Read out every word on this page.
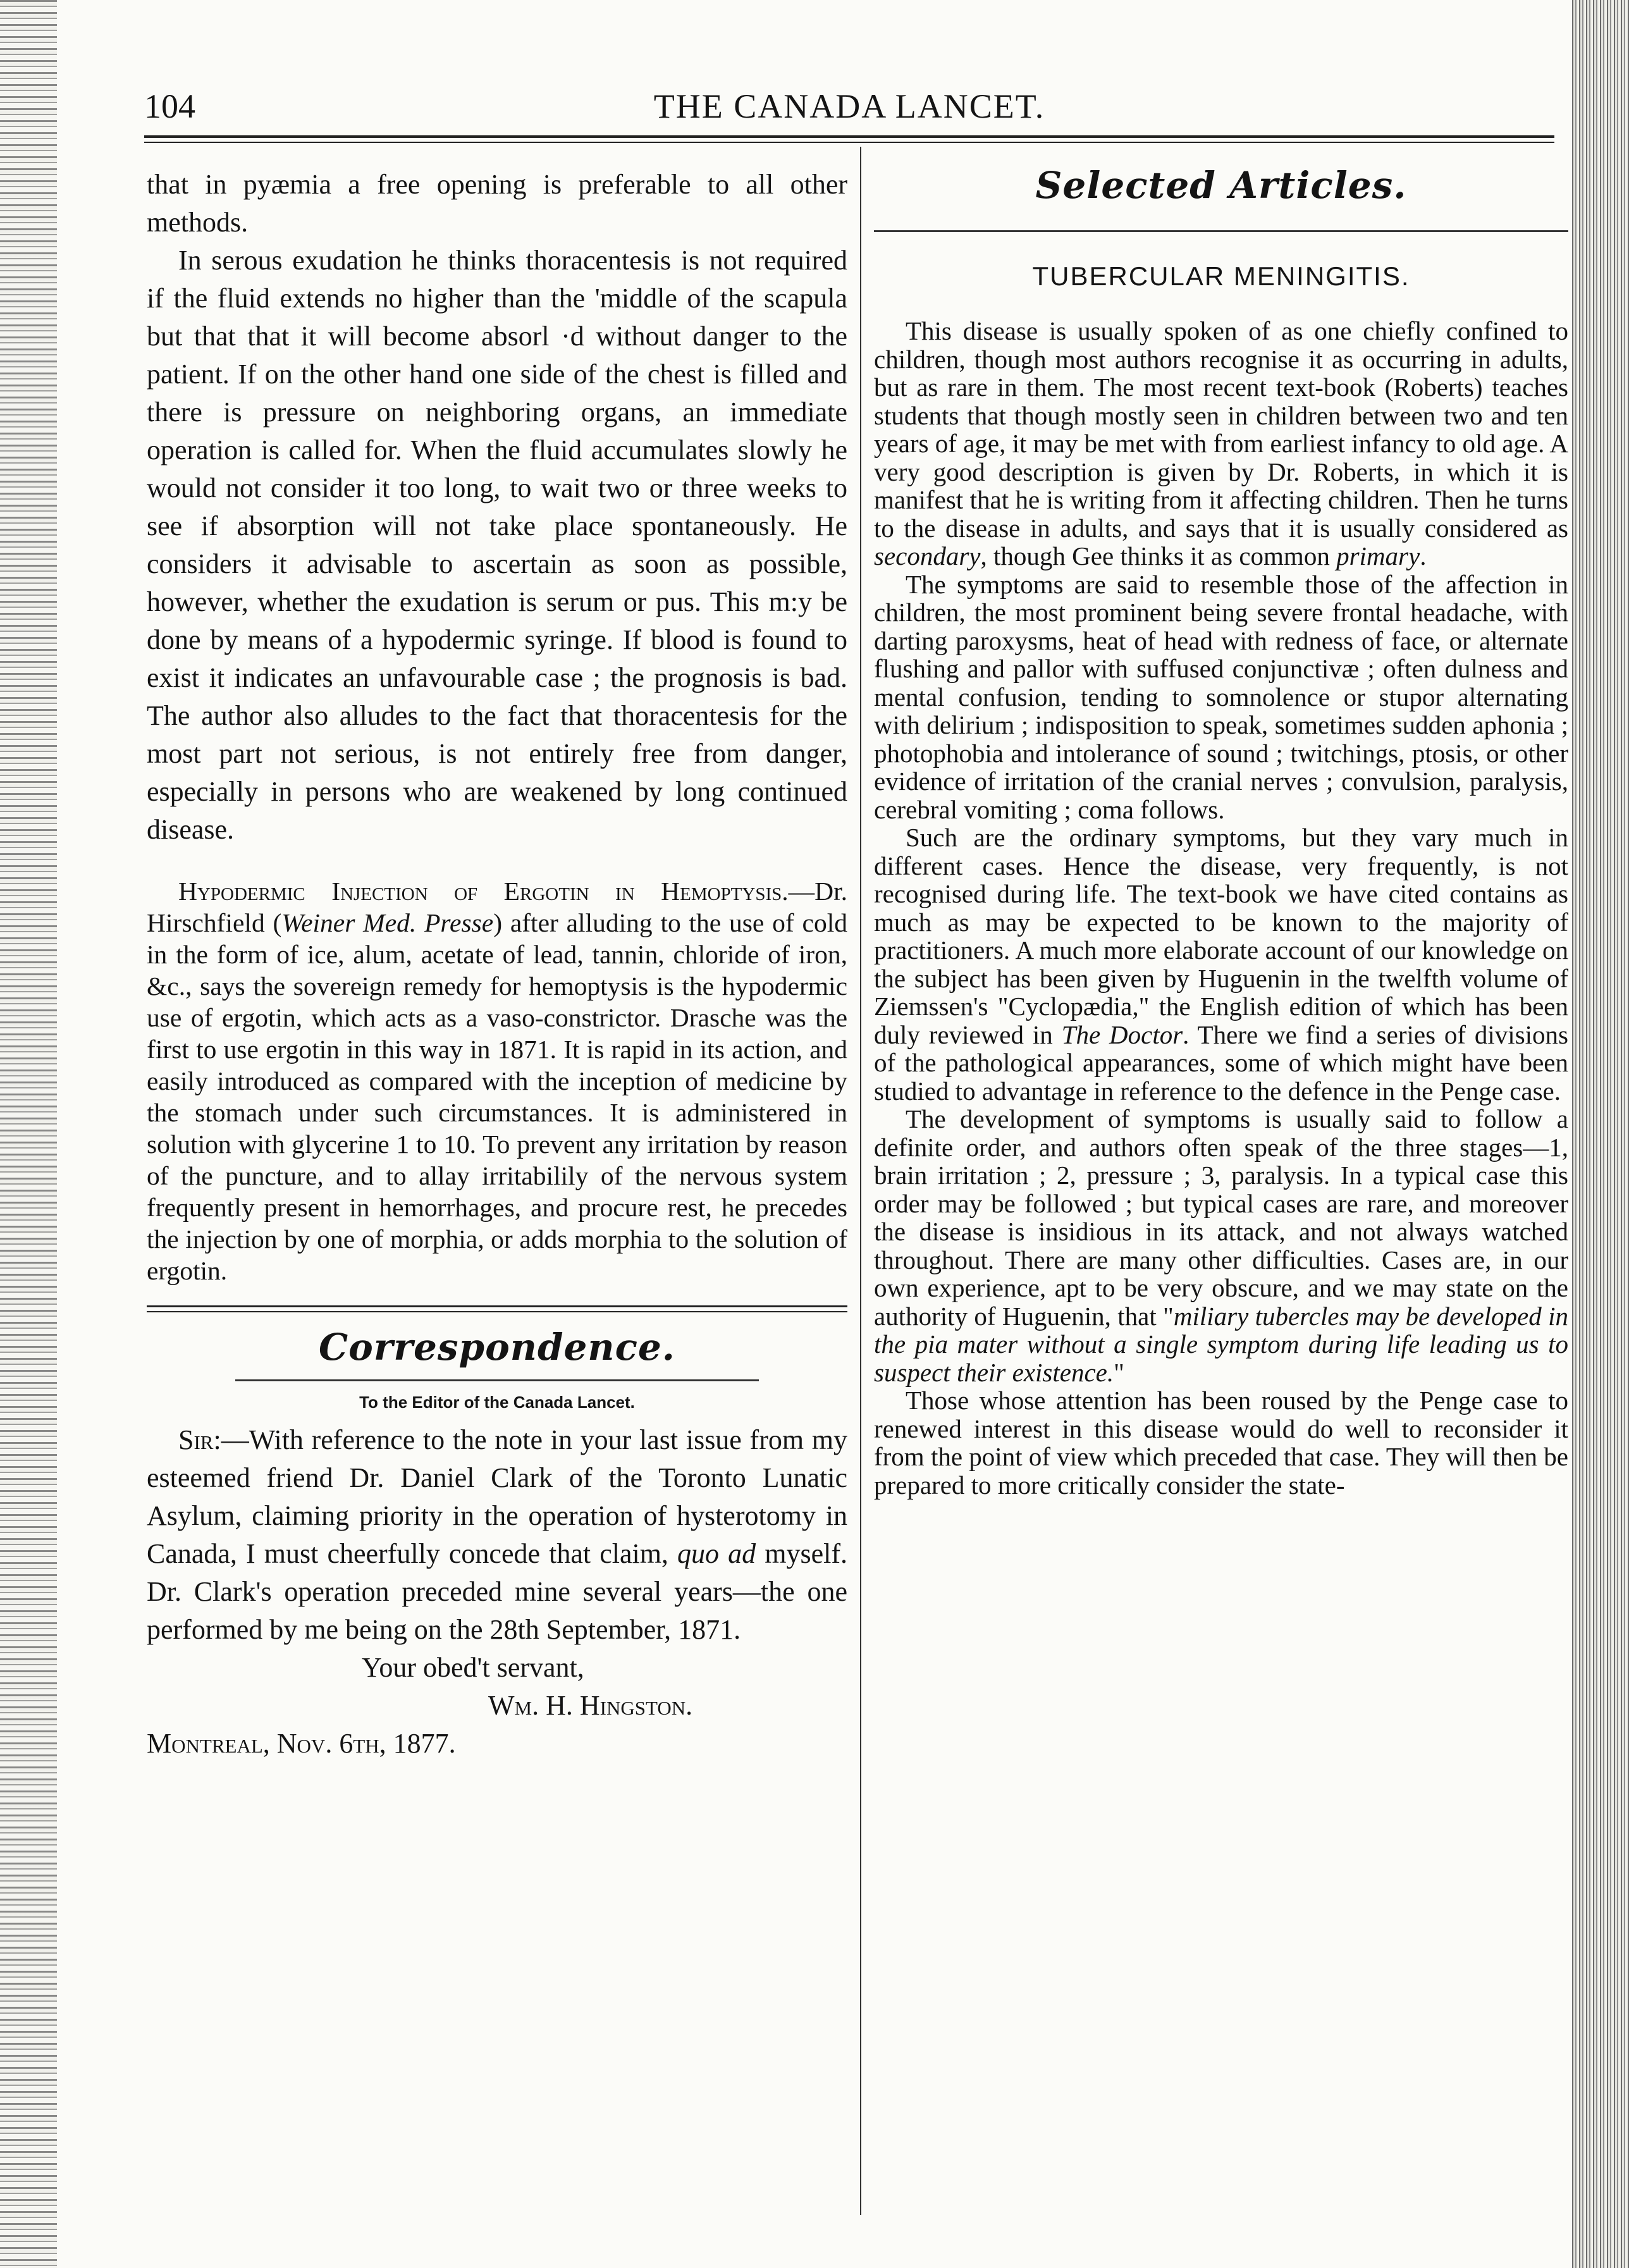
104	THE CANADA LANCET.

that in pyæmia a free opening is preferable to all other methods.

In serous exudation he thinks thoracentesis is not required if the fluid extends no higher than the 'middle of the scapula but that that it will become absorl ·d without danger to the patient. If on the other hand one side of the chest is filled and there is pressure on neighboring organs, an immediate operation is called for. When the fluid accumulates slowly he would not consider it too long, to wait two or three weeks to see if absorption will not take place spontaneously. He considers it advisable to ascertain as soon as possible, however, whether the exudation is serum or pus. This m:y be done by means of a hypodermic syringe. If blood is found to exist it indicates an unfavourable case ; the prognosis is bad. The author also alludes to the fact that thoracentesis for the most part not serious, is not entirely free from danger, especially in persons who are weakened by long continued disease.

Hypodermic Injection of Ergotin in Hemoptysis.—Dr. Hirschfield (Weiner Med. Presse) after alluding to the use of cold in the form of ice, alum, acetate of lead, tannin, chloride of iron, &c., says the sovereign remedy for hemoptysis is the hypodermic use of ergotin, which acts as a vaso-constrictor. Drasche was the first to use ergotin in this way in 1871. It is rapid in its action, and easily introduced as compared with the inception of medicine by the stomach under such circumstances. It is administered in solution with glycerine 1 to 10. To prevent any irritation by reason of the puncture, and to allay irritabilily of the nervous system frequently present in hemorrhages, and procure rest, he precedes the injection by one of morphia, or adds morphia to the solution of ergotin.

Correspondence.
To the Editor of the Canada Lancet.

Sir:—With reference to the note in your last issue from my esteemed friend Dr. Daniel Clark of the Toronto Lunatic Asylum, claiming priority in the operation of hysterotomy in Canada, I must cheerfully concede that claim, quo ad myself. Dr. Clark's operation preceded mine several years—the one performed by me being on the 28th September, 1871.

Your obed't servant,
Wm. H. Hingston.
Montreal, Nov. 6th, 1877.
Selected Articles.
TUBERCULAR MENINGITIS.

This disease is usually spoken of as one chiefly confined to children, though most authors recognise it as occurring in adults, but as rare in them. The most recent text-book (Roberts) teaches students that though mostly seen in children between two and ten years of age, it may be met with from earliest infancy to old age. A very good description is given by Dr. Roberts, in which it is manifest that he is writing from it affecting children. Then he turns to the disease in adults, and says that it is usually considered as secondary, though Gee thinks it as common primary.

The symptoms are said to resemble those of the affection in children, the most prominent being severe frontal headache, with darting paroxysms, heat of head with redness of face, or alternate flushing and pallor with suffused conjunctivæ ; often dulness and mental confusion, tending to somnolence or stupor alternating with delirium ; indisposition to speak, sometimes sudden aphonia ; photophobia and intolerance of sound ; twitchings, ptosis, or other evidence of irritation of the cranial nerves ; convulsion, paralysis, cerebral vomiting ; coma follows.

Such are the ordinary symptoms, but they vary much in different cases. Hence the disease, very frequently, is not recognised during life. The text-book we have cited contains as much as may be expected to be known to the majority of practitioners. A much more elaborate account of our knowledge on the subject has been given by Huguenin in the twelfth volume of Ziemssen's "Cyclopædia," the English edition of which has been duly reviewed in The Doctor. There we find a series of divisions of the pathological appearances, some of which might have been studied to advantage in reference to the defence in the Penge case.

The development of symptoms is usually said to follow a definite order, and authors often speak of the three stages—1, brain irritation ; 2, pressure ; 3, paralysis. In a typical case this order may be followed ; but typical cases are rare, and moreover the disease is insidious in its attack, and not always watched throughout. There are many other difficulties. Cases are, in our own experience, apt to be very obscure, and we may state on the authority of Huguenin, that "miliary tubercles may be developed in the pia mater without a single symptom during life leading us to suspect their existence."

Those whose attention has been roused by the Penge case to renewed interest in this disease would do well to reconsider it from the point of view which preceded that case. They will then be prepared to more critically consider the state-
